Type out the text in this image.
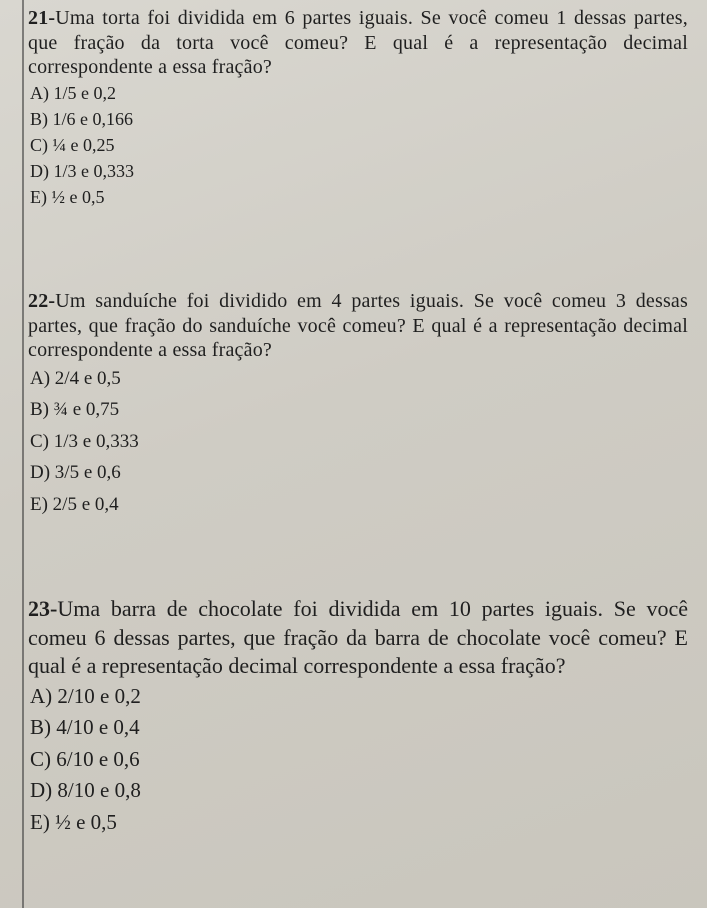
21-Uma torta foi dividida em 6 partes iguais. Se você comeu 1 dessas partes, que fração da torta você comeu? E qual é a representação decimal correspondente a essa fração?

A) 1/5 e 0,2
B) 1/6 e 0,166
C) ¼ e 0,25
D) 1/3 e 0,333
E) ½ e 0,5

22-Um sanduíche foi dividido em 4 partes iguais. Se você comeu 3 dessas partes, que fração do sanduíche você comeu? E qual é a representação decimal correspondente a essa fração?

A) 2/4 e 0,5
B) ¾ e 0,75
C) 1/3 e 0,333
D) 3/5 e 0,6
E) 2/5 e 0,4

23-Uma barra de chocolate foi dividida em 10 partes iguais. Se você comeu 6 dessas partes, que fração da barra de chocolate você comeu? E qual é a representação decimal correspondente a essa fração?

A) 2/10 e 0,2
B) 4/10 e 0,4
C) 6/10 e 0,6
D) 8/10 e 0,8
E) ½ e 0,5
